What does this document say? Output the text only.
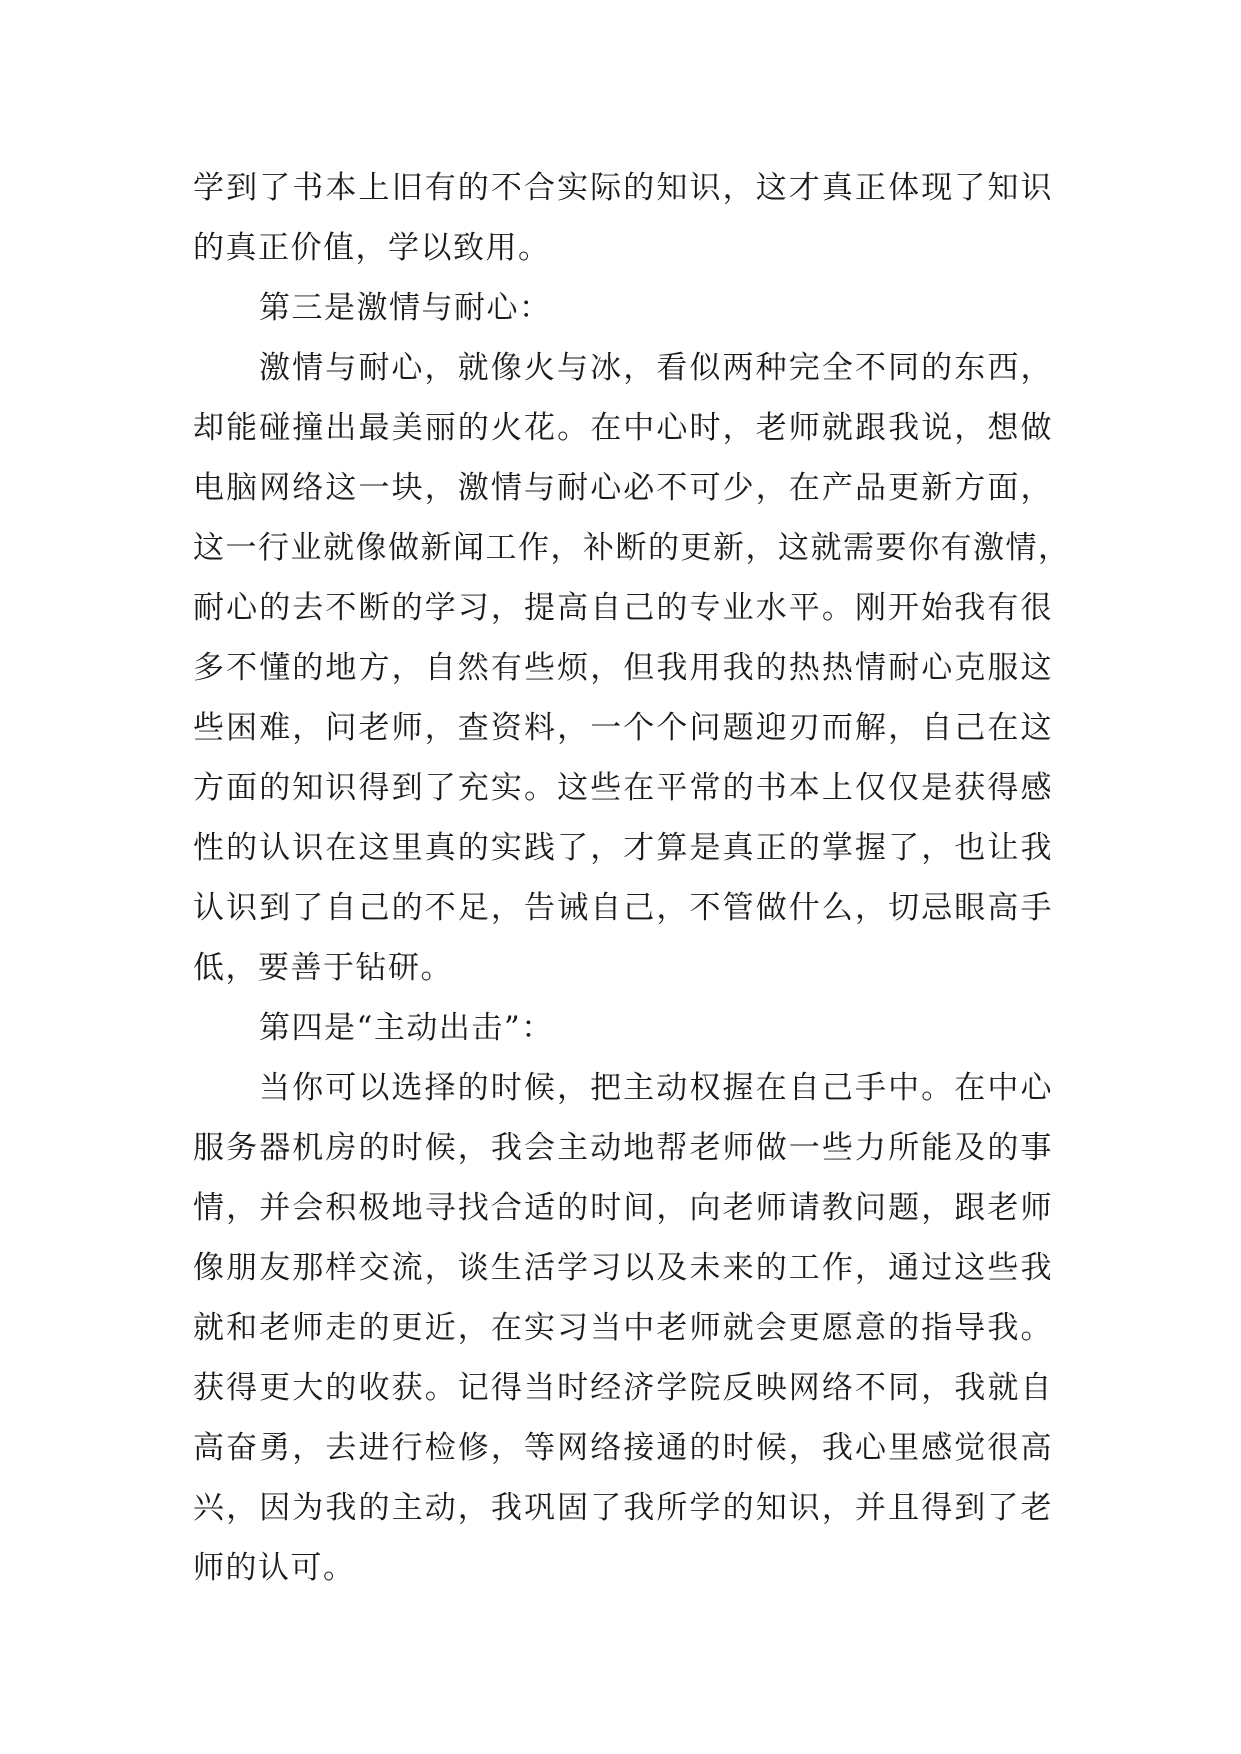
学到了书本上旧有的不合实际的知识，这才真正体现了知识
的真正价值，学以致用。
第三是激情与耐心：
激情与耐心，就像火与冰，看似两种完全不同的东西，
却能碰撞出最美丽的火花。在中心时，老师就跟我说，想做
电脑网络这一块，激情与耐心必不可少，在产品更新方面，
这一行业就像做新闻工作，补断的更新，这就需要你有激情，
耐心的去不断的学习，提高自己的专业水平。刚开始我有很
多不懂的地方，自然有些烦，但我用我的热热情耐心克服这
些困难，问老师，查资料，一个个问题迎刃而解，自己在这
方面的知识得到了充实。这些在平常的书本上仅仅是获得感
性的认识在这里真的实践了，才算是真正的掌握了，也让我
认识到了自己的不足，告诫自己，不管做什么，切忌眼高手
低，要善于钻研。
第四是“主动出击”：
当你可以选择的时候，把主动权握在自己手中。在中心
服务器机房的时候，我会主动地帮老师做一些力所能及的事
情，并会积极地寻找合适的时间，向老师请教问题，跟老师
像朋友那样交流，谈生活学习以及未来的工作，通过这些我
就和老师走的更近，在实习当中老师就会更愿意的指导我。
获得更大的收获。记得当时经济学院反映网络不同，我就自
高奋勇，去进行检修，等网络接通的时候，我心里感觉很高
兴，因为我的主动，我巩固了我所学的知识，并且得到了老
师的认可。
